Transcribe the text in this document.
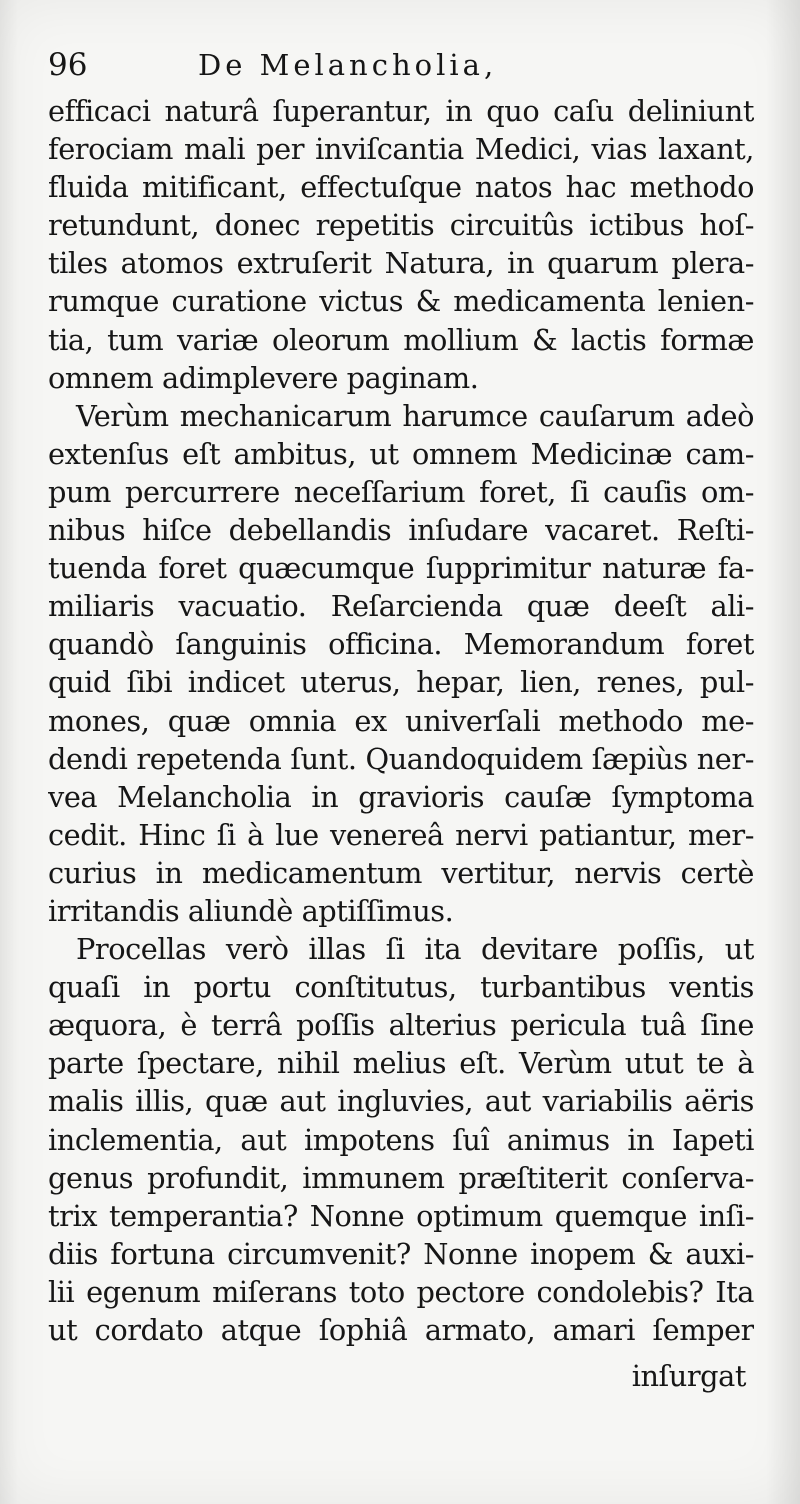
96	De Melancholia,
efficaci naturâ ſuperantur, in quo caſu deliniunt
ferociam mali per inviſcantia Medici, vias laxant,
fluida mitificant, effectuſque natos hac methodo
retundunt, donec repetitis circuitûs ictibus hoſ-
tiles atomos extruſerit Natura, in quarum plera-
rumque curatione victus & medicamenta lenien-
tia, tum variæ oleorum mollium & lactis formæ
omnem adimplevere paginam.
Verùm mechanicarum harumce cauſarum adeò
extenſus eſt ambitus, ut omnem Medicinæ cam-
pum percurrere neceſſarium foret, ſi cauſis om-
nibus hiſce debellandis inſudare vacaret. Reſti-
tuenda foret quæcumque ſupprimitur naturæ fa-
miliaris vacuatio. Reſarcienda quæ deeſt ali-
quandò ſanguinis officina. Memorandum foret
quid ſibi indicet uterus, hepar, lien, renes, pul-
mones, quæ omnia ex univerſali methodo me-
dendi repetenda ſunt. Quandoquidem ſæpiùs ner-
vea Melancholia in gravioris cauſæ ſymptoma
cedit. Hinc ſi à lue venereâ nervi patiantur, mer-
curius in medicamentum vertitur, nervis certè
irritandis aliundè aptiſſimus.
Procellas verò illas ſi ita devitare poſſis, ut
quaſi in portu conſtitutus, turbantibus ventis
æquora, è terrâ poſſis alterius pericula tuâ ſine
parte ſpectare, nihil melius eſt. Verùm utut te à
malis illis, quæ aut ingluvies, aut variabilis aëris
inclementia, aut impotens ſuî animus in Iapeti
genus profundit, immunem præſtiterit conſerva-
trix temperantia? Nonne optimum quemque inſi-
diis fortuna circumvenit? Nonne inopem & auxi-
lii egenum miſerans toto pectore condolebis? Ita
ut cordato atque ſophiâ armato, amari ſemper
inſurgat
